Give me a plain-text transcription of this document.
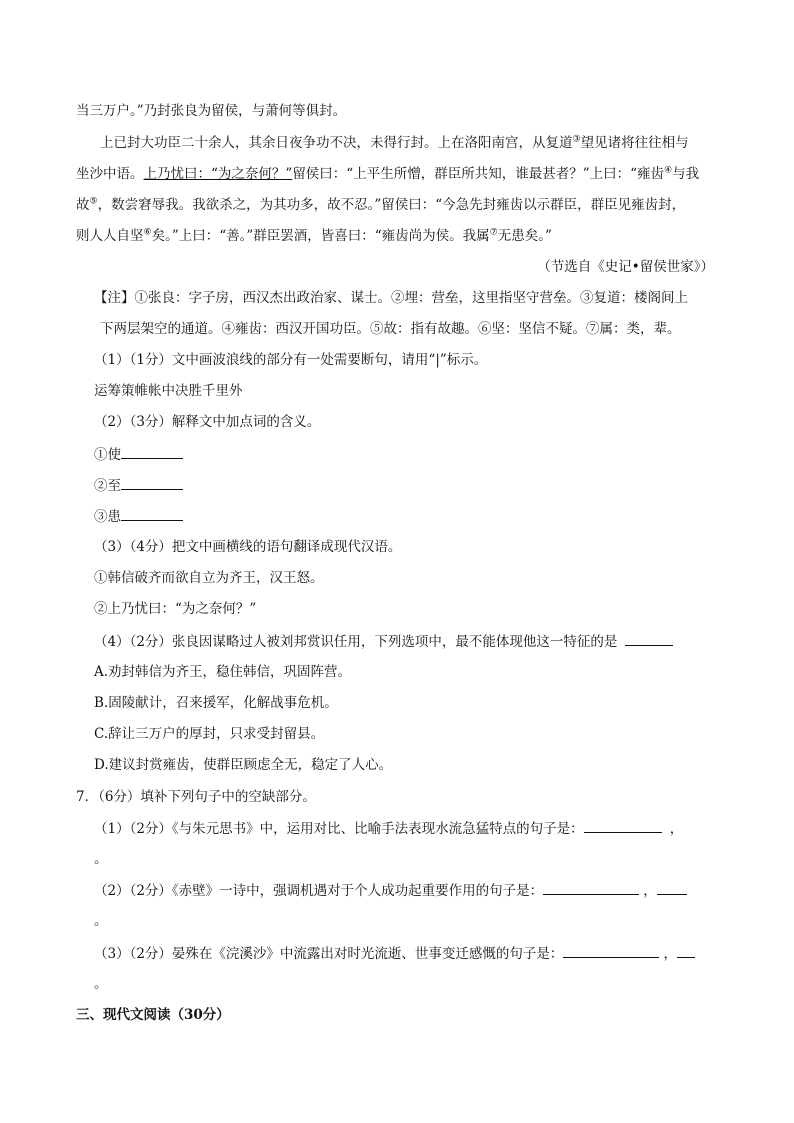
当三万户。”乃封张良为留侯，与萧何等俱封。
上已封大功臣二十余人，其余日夜争功不决，未得行封。上在洛阳南宫，从复道③望见诸将往往相与
坐沙中语。上乃忧曰：“为之奈何？”留侯曰：“上平生所憎，群臣所共知，谁最甚者？”上曰：“雍齿④与我
故⑤，数尝窘辱我。我欲杀之，为其功多，故不忍。”留侯曰：“今急先封雍齿以示群臣，群臣见雍齿封，
则人人自坚⑥矣。”上曰：“善。”群臣罢酒，皆喜曰：“雍齿尚为侯。我属⑦无患矣。”
（节选自《史记•留侯世家》）
【注】①张良：字子房，西汉杰出政治家、谋士。②埋：营垒，这里指坚守营垒。③复道：楼阁间上
下两层架空的通道。④雍齿：西汉开国功臣。⑤故：指有故趣。⑥坚：坚信不疑。⑦属：类，辈。
（1）（1分）文中画波浪线的部分有一处需要断句，请用“|”标示。
运筹策帷帐中决胜千里外
（2）（3分）解释文中加点词的含义。
①使
②至
③患
（3）（4分）把文中画横线的语句翻译成现代汉语。
①韩信破齐而欲自立为齐王，汉王怒。
②上乃忧曰：“为之奈何？”
（4）（2分）张良因谋略过人被刘邦赏识任用，下列选项中，最不能体现他这一特征的是
A.劝封韩信为齐王，稳住韩信，巩固阵营。
B.固陵献计，召来援军，化解战事危机。
C.辞让三万户的厚封，只求受封留县。
D.建议封赏雍齿，使群臣顾虑全无，稳定了人心。
7．（6分）填补下列句子中的空缺部分。
（1）（2分）《与朱元思书》中，运用对比、比喻手法表现水流急猛特点的句子是：	，
。
（2）（2分）《赤壁》一诗中，强调机遇对于个人成功起重要作用的句子是：	，
。
（3）（2分）晏殊在《浣溪沙》中流露出对时光流逝、世事变迁感慨的句子是：	，
。
三、现代文阅读（30分）
